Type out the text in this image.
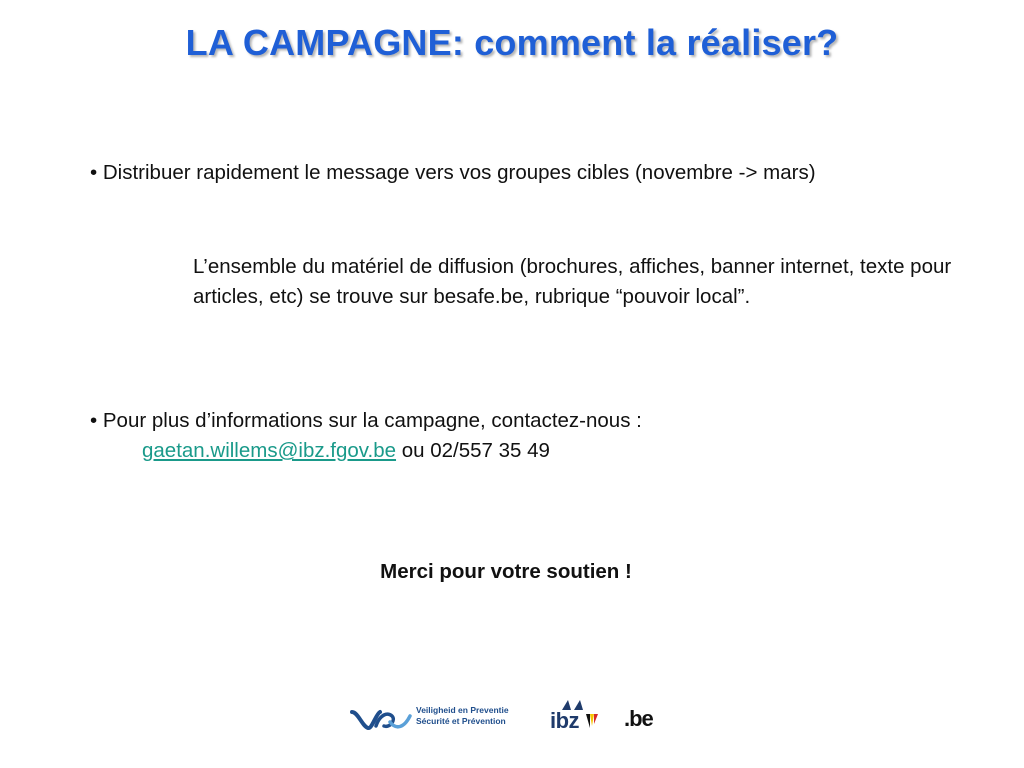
LA CAMPAGNE: comment la réaliser?
• Distribuer rapidement le message vers vos groupes cibles (novembre -> mars)
L’ensemble du matériel de diffusion (brochures, affiches, banner internet, texte pour articles, etc) se trouve sur besafe.be, rubrique “pouvoir local”.
• Pour plus d’informations sur la campagne, contactez-nous :
gaetan.willems@ibz.fgov.be ou 02/557 35 49
Merci pour votre soutien !
Veiligheid en Preventie
Sécurité et Prévention ibz .be
